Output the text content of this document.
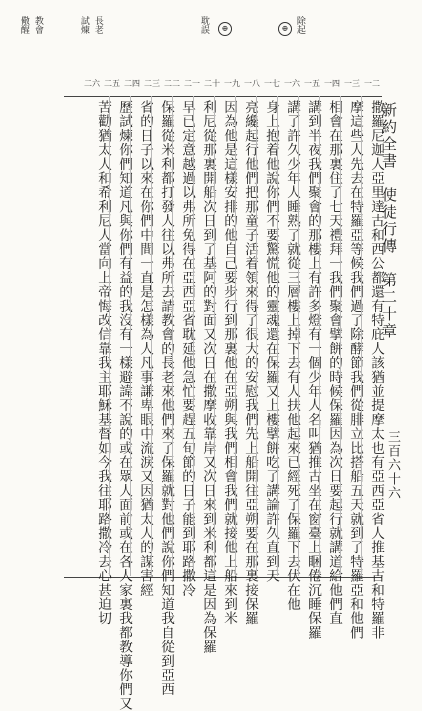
儆醒 教會	試煉 長老	⊕
耽誤	⊕ 除起
新約全書　使徒行傳　第二十章
三百六十六
一二
一三
一四
一五
一六
一七
一八
一九
二十
二一
二二
二三
二四
二五
二六
撒羅尼迦人亞里達古和西公都還有特庇人該猶並提摩太也有亞西亞省人推基古和特羅非
摩這些人先去在特羅亞等候我們過了除酵節我們從腓立比搭船五天就到了特羅亞和他們
相會在那裏住了七天禮拜一我們聚會擘餅的時候保羅因為次日要起行就講道給他們直
講到半夜我們聚會的那樓上有許多燈有一個少年人名叫猶推古坐在窗臺上睏倦沉睡保羅
講了許久少年人睡熟了就從三層樓上掉下去有人扶他起來已經死了保羅下去伏在他
身上抱着他說你們不要驚慌他的靈魂還在保羅又上樓擘餅吃了講論許久直到天
亮纔起行他們把那童子活着領來得了很大的安慰我們先上船開往亞朔要在那裏接保羅
因為他是這樣安排的他自己要步行到那裏他在亞朔與我們相會我們就接他上船來到米
利尼從那裏開船次日到了基阿的對面又次日在撒摩收靠岸又次日來到米利都這是因為保羅
早已定意越過以弗所免得在亞西亞省耽延他急忙要趕五旬節的日子能到耶路撒冷
保羅從米利都打發人往以弗所去請教會的長老來他們來了保羅就對他們說你們知道我自從到亞西
省的日子以來在你們中間一直是怎樣為人凡事謙卑眼中流淚又因猶太人的謀害經
歷試煉你們知道凡與你們有益的我沒有一樣避諱不說的或在眾人面前或在各人家裏我都教導你們又
苦勸猶太人和希利尼人當向上帝悔改信靠我主耶穌基督如今我往耶路撒冷去心甚迫切
